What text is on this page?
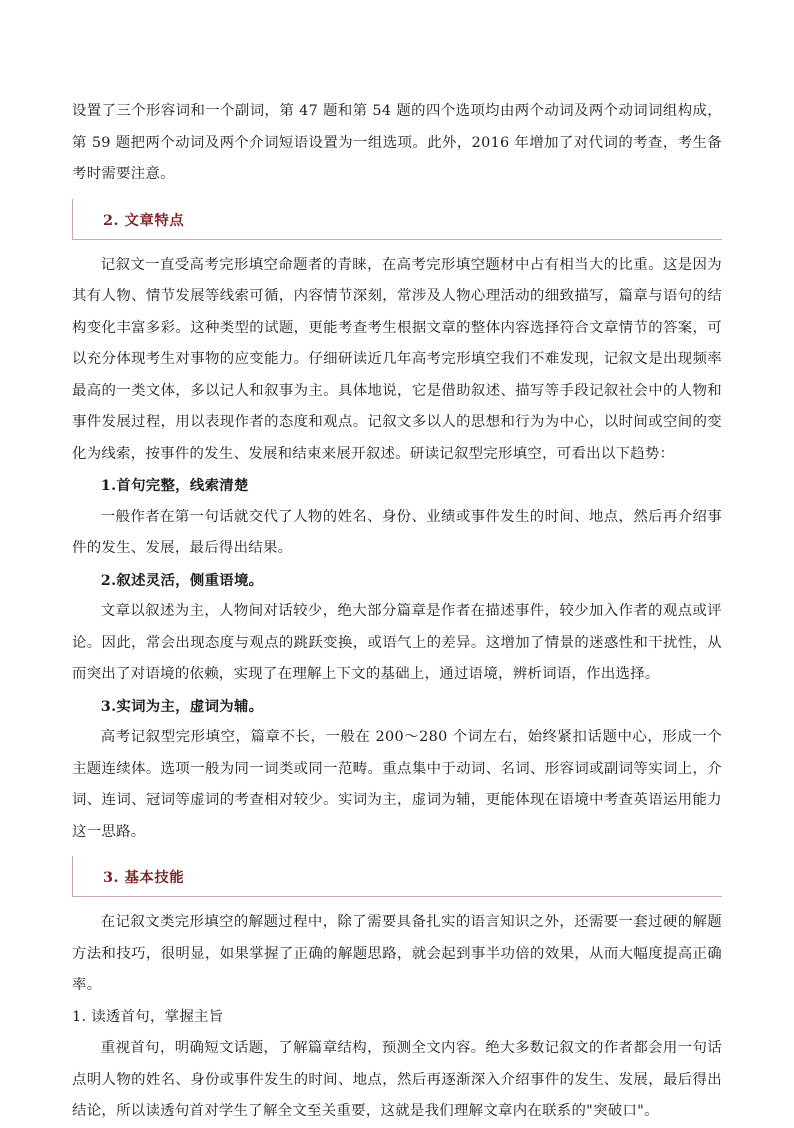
设置了三个形容词和一个副词，第 47 题和第 54 题的四个选项均由两个动词及两个动词词组构成，第 59 题把两个动词及两个介词短语设置为一组选项。此外，2016 年增加了对代词的考查，考生备考时需要注意。

2. 文章特点

记叙文一直受高考完形填空命题者的青睐，在高考完形填空题材中占有相当大的比重。这是因为其有人物、情节发展等线索可循，内容情节深刻，常涉及人物心理活动的细致描写，篇章与语句的结构变化丰富多彩。这种类型的试题，更能考查考生根据文章的整体内容选择符合文章情节的答案，可以充分体现考生对事物的应变能力。仔细研读近几年高考完形填空我们不难发现，记叙文是出现频率最高的一类文体，多以记人和叙事为主。具体地说，它是借助叙述、描写等手段记叙社会中的人物和事件发展过程，用以表现作者的态度和观点。记叙文多以人的思想和行为为中心，以时间或空间的变化为线索，按事件的发生、发展和结束来展开叙述。研读记叙型完形填空，可看出以下趋势：

1.首句完整，线索清楚

一般作者在第一句话就交代了人物的姓名、身份、业绩或事件发生的时间、地点，然后再介绍事件的发生、发展，最后得出结果。

2.叙述灵活，侧重语境。

文章以叙述为主，人物间对话较少，绝大部分篇章是作者在描述事件，较少加入作者的观点或评论。因此，常会出现态度与观点的跳跃变换，或语气上的差异。这增加了情景的迷惑性和干扰性，从而突出了对语境的依赖，实现了在理解上下文的基础上，通过语境，辨析词语，作出选择。

3.实词为主，虚词为辅。

高考记叙型完形填空，篇章不长，一般在 200～280 个词左右，始终紧扣话题中心，形成一个主题连续体。选项一般为同一词类或同一范畴。重点集中于动词、名词、形容词或副词等实词上，介词、连词、冠词等虚词的考查相对较少。实词为主，虚词为辅，更能体现在语境中考查英语运用能力这一思路。

3. 基本技能

在记叙文类完形填空的解题过程中，除了需要具备扎实的语言知识之外，还需要一套过硬的解题方法和技巧，很明显，如果掌握了正确的解题思路，就会起到事半功倍的效果，从而大幅度提高正确率。

1. 读透首句，掌握主旨

重视首句，明确短文话题，了解篇章结构，预测全文内容。绝大多数记叙文的作者都会用一句话点明人物的姓名、身份或事件发生的时间、地点，然后再逐渐深入介绍事件的发生、发展，最后得出结论，所以读透句首对学生了解全文至关重要，这就是我们理解文章内在联系的"突破口"。
